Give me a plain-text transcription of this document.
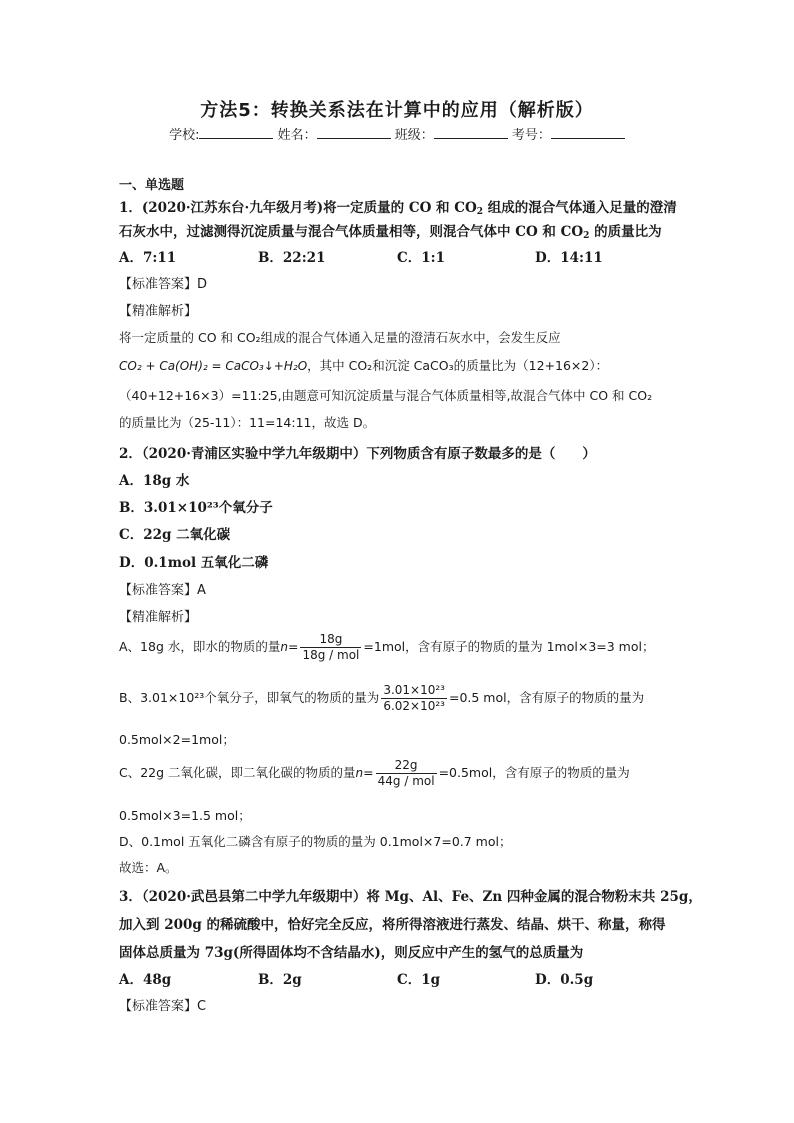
方法5：转换关系法在计算中的应用（解析版）
学校:	姓名：	班级：	考号：
一、单选题
1．(2020·江苏东台·九年级月考)将一定质量的 CO 和 $CO_2$ 组成的混合气体通入足量的澄清
石灰水中，过滤测得沉淀质量与混合气体质量相等，则混合气体中 CO 和 $CO_2$ 的质量比为
A．7:11	B．22:21	C．1:1	D．14:11
【标准答案】D
【精准解析】
将一定质量的 CO 和 CO₂组成的混合气体通入足量的澄清石灰水中，会发生反应
CO₂ + Ca(OH)₂ = CaCO₃↓+H₂O，其中 CO₂和沉淀 CaCO₃的质量比为（12+16×2）：
（40+12+16×3）=11:25,由题意可知沉淀质量与混合气体质量相等,故混合气体中 CO 和 CO₂
的质量比为（25-11）：11=14:11，故选 D。
2．（2020·青浦区实验中学九年级期中）下列物质含有原子数最多的是（　　）
A．18g 水
B．3.01×10²³个氧分子
C．22g 二氧化碳
D．0.1mol 五氧化二磷
【标准答案】A
【精准解析】
A、18g 水，即水的物质的量$n= \frac{18g}{\text{18g / mol}} =1mol$，含有原子的物质的量为 1mol×3=3 mol；
B、3.01×10²³个氧分子，即氧气的物质的量为 $\frac{\text{3.01×10²³}}{\text{6.02×10²³}} =0.5$ mol，含有原子的物质的量为
0.5mol×2=1mol；
C、22g 二氧化碳，即二氧化碳的物质的量$n= \frac{22g}{\text{44g / mol}} =0.5mol$，含有原子的物质的量为
0.5mol×3=1.5 mol；
D、0.1mol 五氧化二磷含有原子的物质的量为 0.1mol×7=0.7 mol；
故选：A。
3．（2020·武邑县第二中学九年级期中）将 Mg、Al、Fe、Zn 四种金属的混合物粉末共 25g，
加入到 200g 的稀硫酸中，恰好完全反应，将所得溶液进行蒸发、结晶、烘干、称量，称得
固体总质量为 73g(所得固体均不含结晶水)，则反应中产生的氢气的总质量为
A．48g	B．2g	C．1g	D．0.5g
【标准答案】C
